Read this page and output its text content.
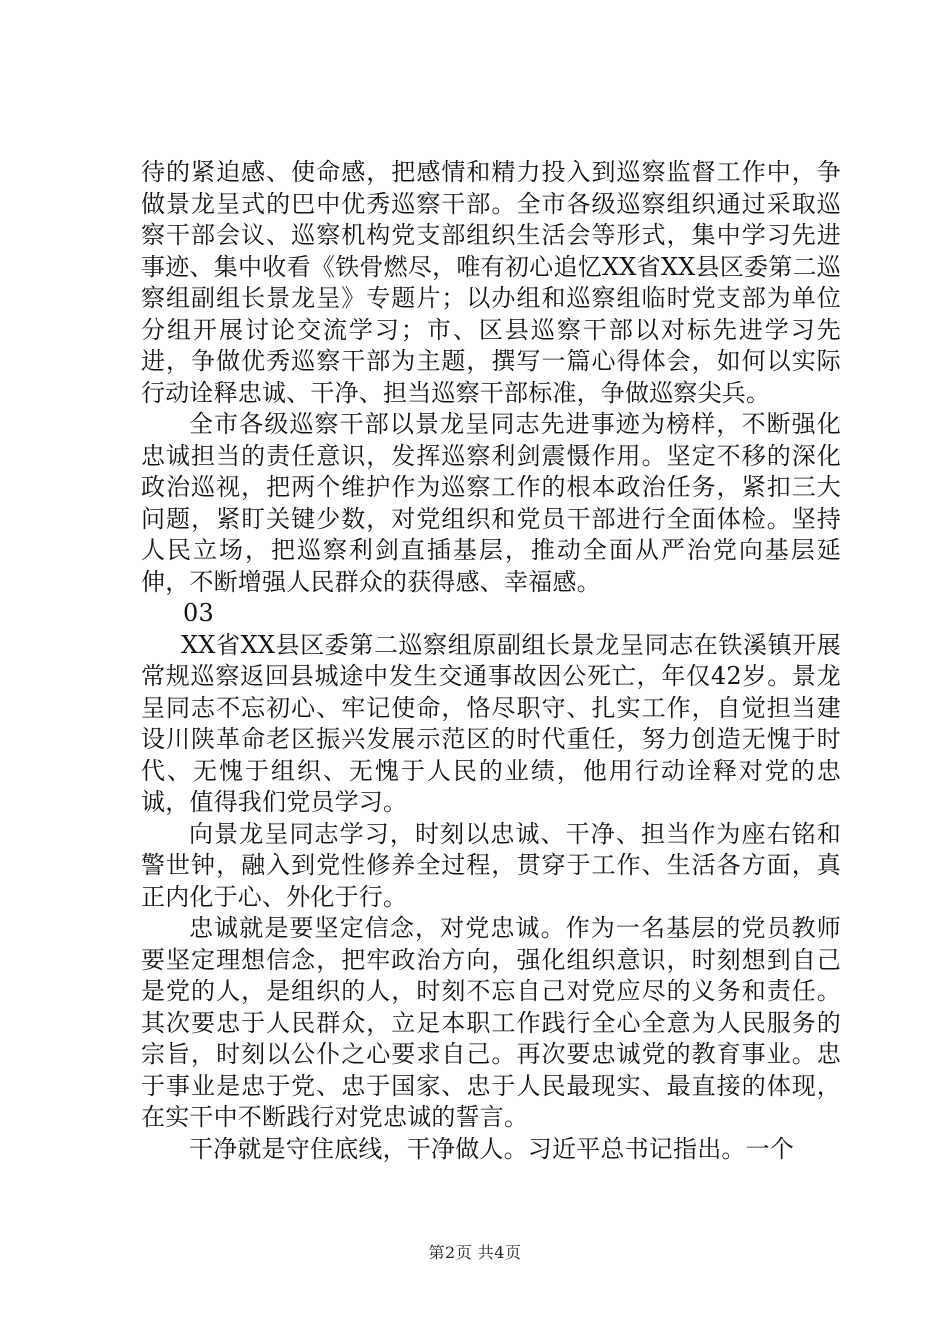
待的紧迫感、使命感，把感情和精力投入到巡察监督工作中，争做景龙呈式的巴中优秀巡察干部。全市各级巡察组织通过采取巡察干部会议、巡察机构党支部组织生活会等形式，集中学习先进事迹、集中收看《铁骨燃尽，唯有初心追忆XX省XX县区委第二巡察组副组长景龙呈》专题片；以办组和巡察组临时党支部为单位分组开展讨论交流学习；市、区县巡察干部以对标先进学习先进，争做优秀巡察干部为主题，撰写一篇心得体会，如何以实际行动诠释忠诚、干净、担当巡察干部标准，争做巡察尖兵。

全市各级巡察干部以景龙呈同志先进事迹为榜样，不断强化忠诚担当的责任意识，发挥巡察利剑震慑作用。坚定不移的深化政治巡视，把两个维护作为巡察工作的根本政治任务，紧扣三大问题，紧盯关键少数，对党组织和党员干部进行全面体检。坚持人民立场，把巡察利剑直插基层，推动全面从严治党向基层延伸，不断增强人民群众的获得感、幸福感。

03

XX省XX县区委第二巡察组原副组长景龙呈同志在铁溪镇开展常规巡察返回县城途中发生交通事故因公死亡，年仅42岁。景龙呈同志不忘初心、牢记使命，恪尽职守、扎实工作，自觉担当建设川陕革命老区振兴发展示范区的时代重任，努力创造无愧于时代、无愧于组织、无愧于人民的业绩，他用行动诠释对党的忠诚，值得我们党员学习。

向景龙呈同志学习，时刻以忠诚、干净、担当作为座右铭和警世钟，融入到党性修养全过程，贯穿于工作、生活各方面，真正内化于心、外化于行。

忠诚就是要坚定信念，对党忠诚。作为一名基层的党员教师要坚定理想信念，把牢政治方向，强化组织意识，时刻想到自己是党的人，是组织的人，时刻不忘自己对党应尽的义务和责任。其次要忠于人民群众，立足本职工作践行全心全意为人民服务的宗旨，时刻以公仆之心要求自己。再次要忠诚党的教育事业。忠于事业是忠于党、忠于国家、忠于人民最现实、最直接的体现，在实干中不断践行对党忠诚的誓言。

干净就是守住底线，干净做人。习近平总书记指出。一个

第2页 共4页
